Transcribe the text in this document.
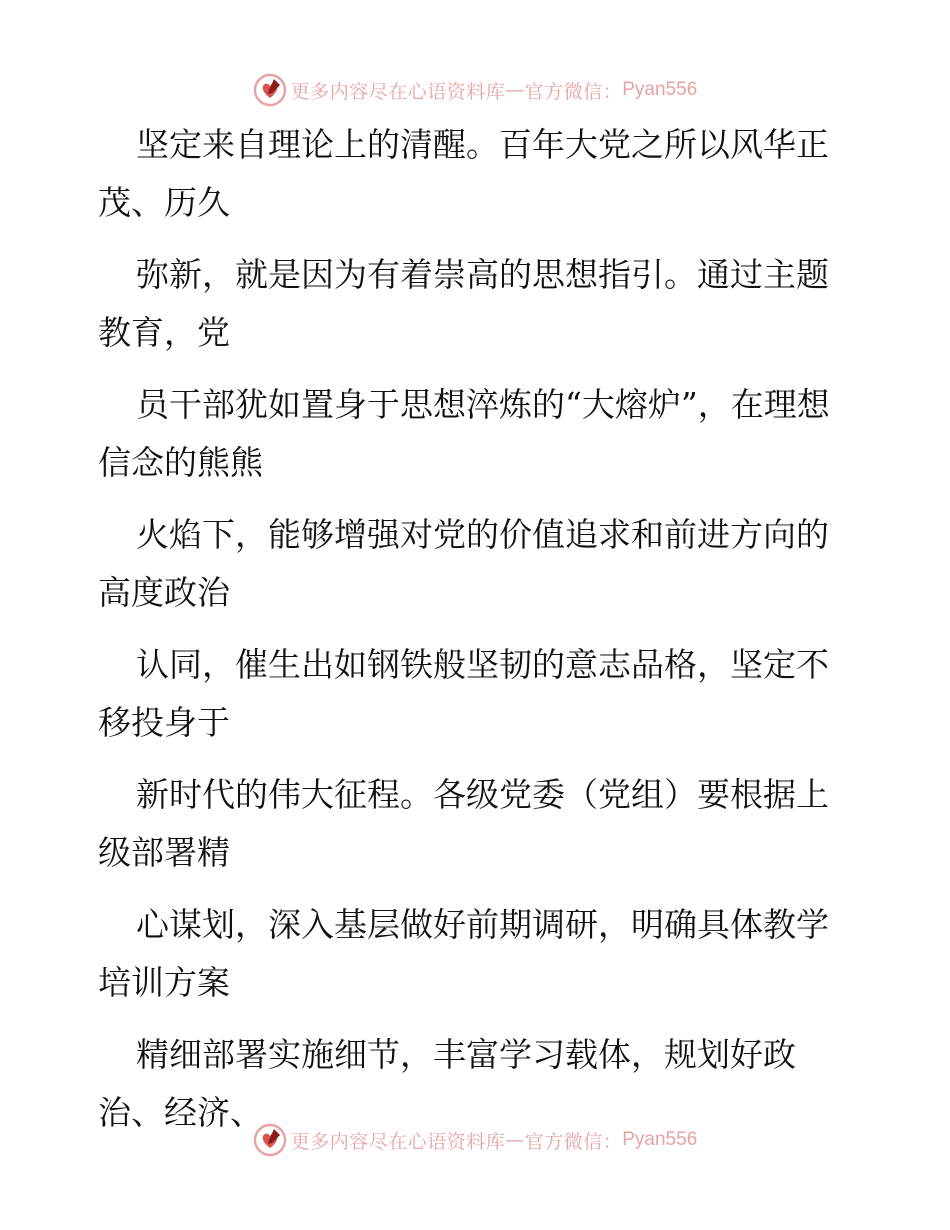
更多内容尽在心语资料库 — 官方微信： Pyan556

坚定来自理论上的清醒。百年大党之所以风华正茂、历久

弥新，就是因为有着崇高的思想指引。通过主题教育，党

员干部犹如置身于思想淬炼的“大熔炉”，在理想信念的熊熊

火焰下，能够增强对党的价值追求和前进方向的高度政治

认同，催生出如钢铁般坚韧的意志品格，坚定不移投身于

新时代的伟大征程。各级党委（党组）要根据上级部署精

心谋划，深入基层做好前期调研，明确具体教学培训方案

精细部署实施细节，丰富学习载体，规划好政治、经济、

更多内容尽在心语资料库 — 官方微信： Pyan556
